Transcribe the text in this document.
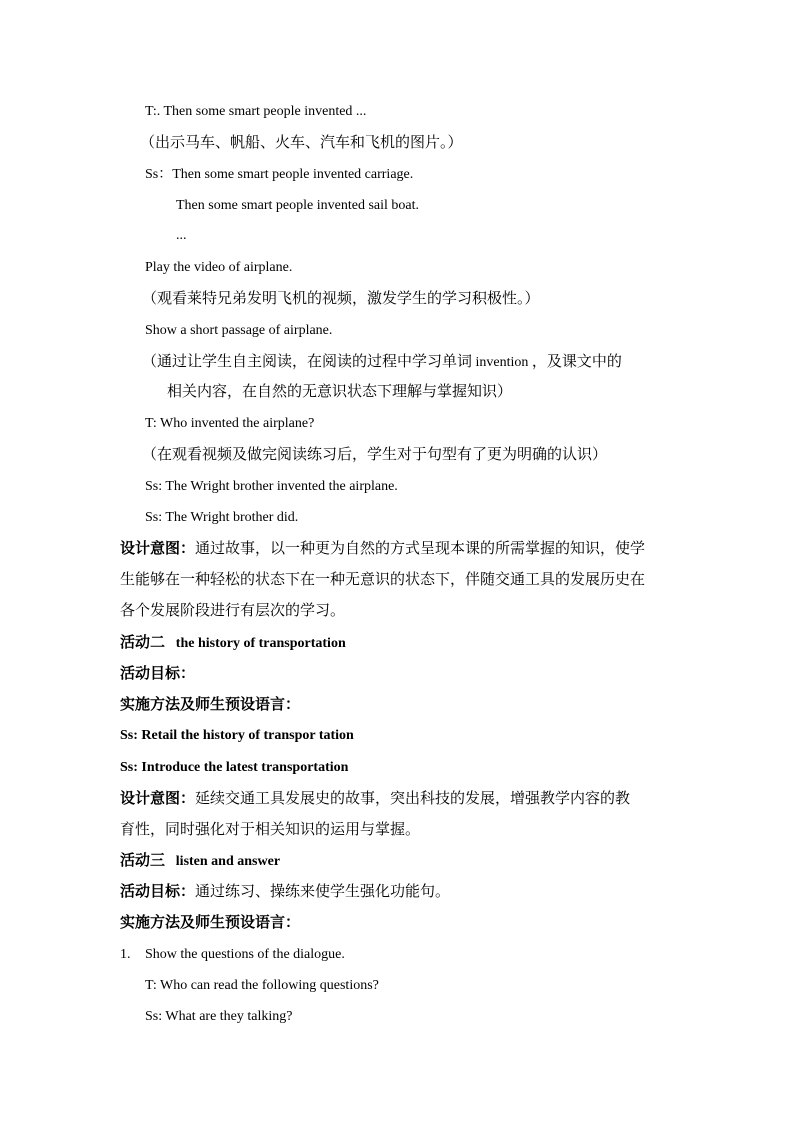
T:. Then some smart people invented ...
（出示马车、帆船、火车、汽车和飞机的图片。）
Ss：Then some smart people invented carriage.
Then some smart people invented sail boat.
...
Play the video of airplane.
（观看莱特兄弟发明飞机的视频，激发学生的学习积极性。）
Show a short passage of airplane.
（通过让学生自主阅读，在阅读的过程中学习单词 invention ，及课文中的
相关内容，在自然的无意识状态下理解与掌握知识）
T: Who invented the airplane?
（在观看视频及做完阅读练习后，学生对于句型有了更为明确的认识）
Ss: The Wright brother invented the airplane.
Ss: The Wright brother did.
设计意图：通过故事，以一种更为自然的方式呈现本课的所需掌握的知识，使学
生能够在一种轻松的状态下在一种无意识的状态下，伴随交通工具的发展历史在
各个发展阶段进行有层次的学习。
活动二 the history of transportation
活动目标：
实施方法及师生预设语言：
Ss: Retail the history of transpor tation
Ss: Introduce the latest transportation
设计意图：延续交通工具发展史的故事，突出科技的发展，增强教学内容的教
育性，同时强化对于相关知识的运用与掌握。
活动三 listen and answer
活动目标：通过练习、操练来使学生强化功能句。
实施方法及师生预设语言：
1. Show the questions of the dialogue.
T: Who can read the following questions?
Ss: What are they talking?
